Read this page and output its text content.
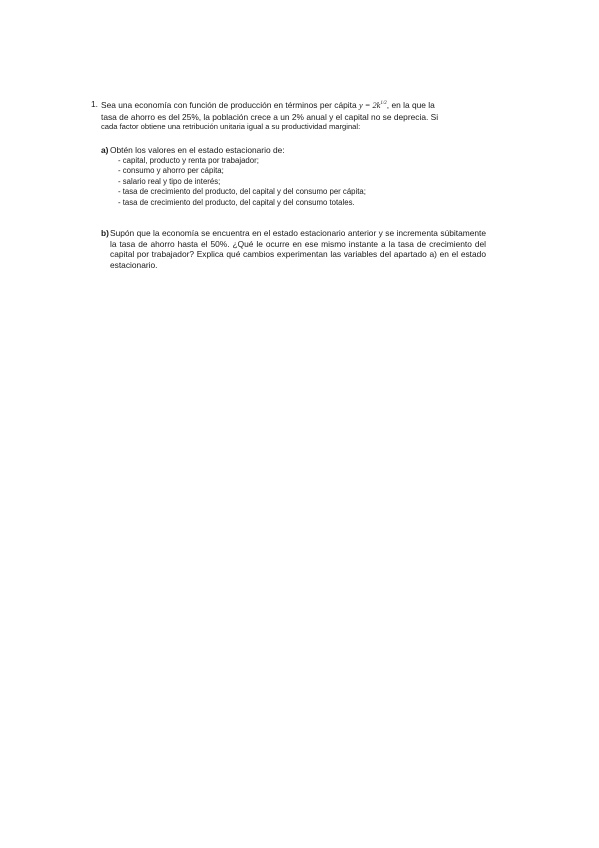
1. Sea una economía con función de producción en términos per cápita $y = 2k^{1/2}$, en la que la

tasa de ahorro es del 25%, la población crece a un 2% anual y el capital no se deprecia. Si

cada factor obtiene una retribución unitaria igual a su productividad marginal:

a) Obtén los valores en el estado estacionario de:

- capital, producto y renta por trabajador;
- consumo y ahorro per cápita;
- salario real y tipo de interés;
- tasa de crecimiento del producto, del capital y del consumo per cápita;
- tasa de crecimiento del producto, del capital y del consumo totales.
b) Supón que la economía se encuentra en el estado estacionario anterior y se incrementa súbitamente la tasa de ahorro hasta el 50%. ¿Qué le ocurre en ese mismo instante a la tasa de crecimiento del capital por trabajador? Explica qué cambios experimentan las variables del apartado a) en el estado estacionario.
